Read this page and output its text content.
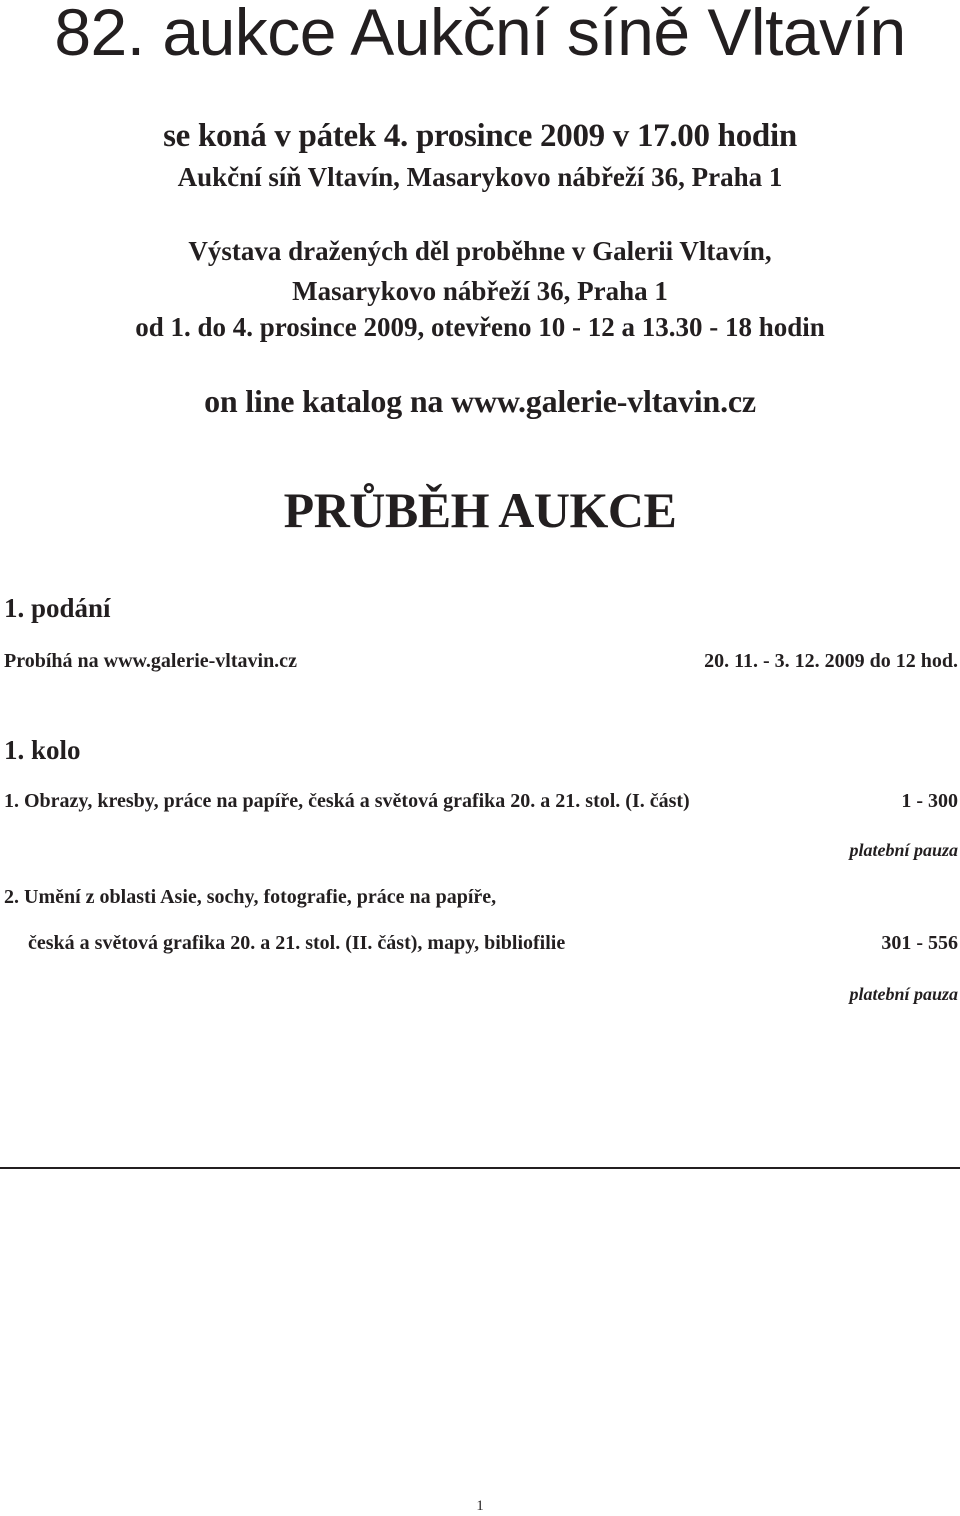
82. aukce Aukční síně Vltavín
se koná v pátek 4. prosince 2009 v 17.00 hodin
Aukční síň Vltavín, Masarykovo nábřeží 36, Praha 1
Výstava dražených děl proběhne v Galerii Vltavín,
Masarykovo nábřeží 36, Praha 1
od 1. do 4. prosince 2009, otevřeno 10 - 12 a 13.30 - 18 hodin
on line katalog na www.galerie-vltavin.cz
PRŮBĚH AUKCE
1. podání
Probíhá na www.galerie-vltavin.cz	20. 11. - 3. 12. 2009 do 12 hod.
1. kolo
1. Obrazy, kresby, práce na papíře, česká a světová grafika 20. a 21. stol. (I. část)	1 - 300
platební pauza
2. Umění z oblasti Asie, sochy, fotografie, práce na papíře,
česká a světová grafika 20. a 21. stol. (II. část), mapy, bibliofilie	301 - 556
platební pauza
1
